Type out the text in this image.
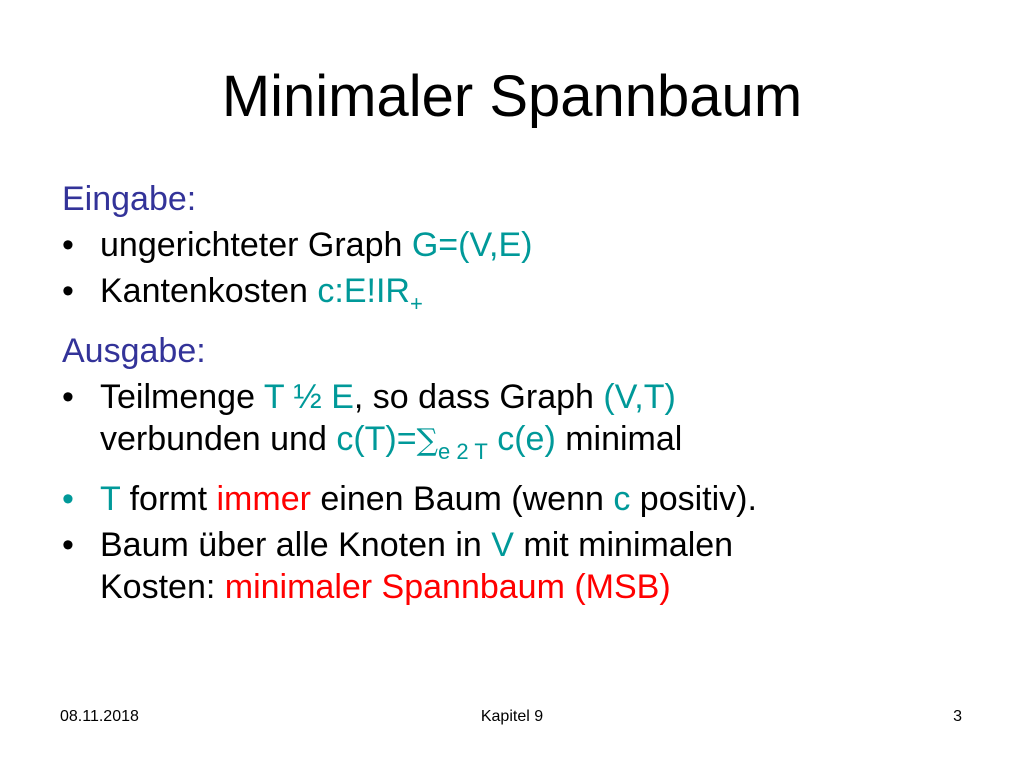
Minimaler Spannbaum
Eingabe:
• ungerichteter Graph G=(V,E)
• Kantenkosten $c:E!IR_+$
Ausgabe:
• Teilmenge T ½ E, so dass Graph (V,T)
verbunden und $c(T)=\sum_{e 2 T}$ c(e) minimal
• T formt immer einen Baum (wenn c positiv).
• Baum über alle Knoten in V mit minimalen
Kosten: minimaler Spannbaum (MSB)
08.11.2018	Kapitel 9	3
